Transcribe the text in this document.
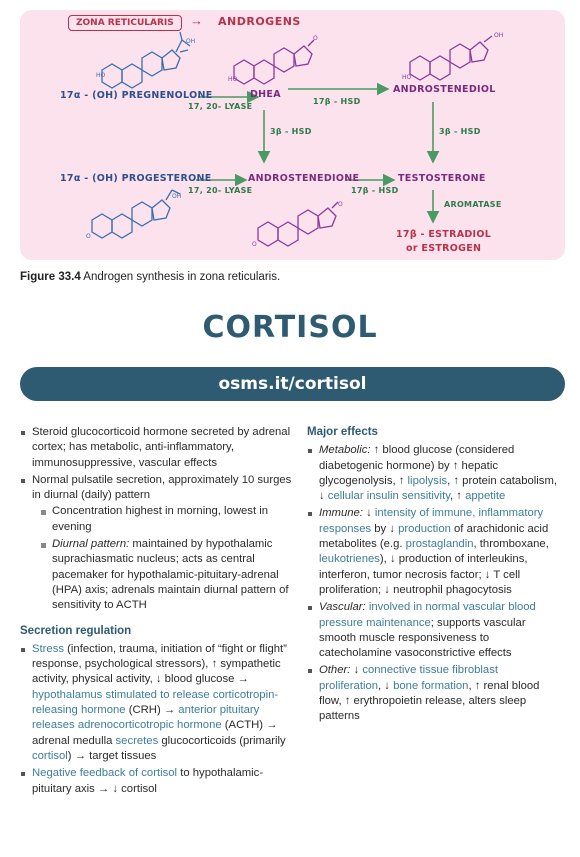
ZONA RETICULARIS	→ ANDROGENS
OH
HO
HO
O	OH
HO
OH
O
O
O
17α - (OH) PREGNENOLONE	DHEA	ANDROSTENEDIOL
17α - (OH) PROGESTERONE	ANDROSTENEDIONE	TESTOSTERONE
17β - ESTRADIOL
or ESTROGEN
17, 20- LYASE
17β - HSD
3β - HSD	3β - HSD
17, 20- LYASE	17β - HSD
AROMATASE
Figure 33.4 Androgen synthesis in zona reticularis.
CORTISOL
osms.it/cortisol
Steroid glucocorticoid hormone secreted by adrenal cortex; has metabolic, anti-inflammatory, immunosuppressive, vascular effects
Normal pulsatile secretion, approximately 10 surges in diurnal (daily) pattern
Concentration highest in morning, lowest in evening
Diurnal pattern: maintained by hypothalamic suprachiasmatic nucleus; acts as central pacemaker for hypothalamic-pituitary-adrenal (HPA) axis; adrenals maintain diurnal pattern of sensitivity to ACTH
Secretion regulation
Stress (infection, trauma, initiation of “fight or flight” response, psychological stressors), ↑ sympathetic activity, physical activity, ↓ blood glucose → hypothalamus stimulated to release corticotropin-releasing hormone (CRH) → anterior pituitary releases adrenocorticotropic hormone (ACTH) → adrenal medulla secretes glucocorticoids (primarily cortisol) → target tissues
Negative feedback of cortisol to hypothalamic-pituitary axis → ↓ cortisol
Major effects
Metabolic: ↑ blood glucose (considered diabetogenic hormone) by ↑ hepatic glycogenolysis, ↑ lipolysis, ↑ protein catabolism, ↓ cellular insulin sensitivity, ↑ appetite
Immune: ↓ intensity of immune, inflammatory responses by ↓ production of arachidonic acid metabolites (e.g. prostaglandin, thromboxane, leukotrienes), ↓ production of interleukins, interferon, tumor necrosis factor; ↓ T cell proliferation; ↓ neutrophil phagocytosis
Vascular: involved in normal vascular blood pressure maintenance; supports vascular smooth muscle responsiveness to catecholamine vasoconstrictive effects
Other: ↓ connective tissue fibroblast proliferation, ↓ bone formation, ↑ renal blood flow, ↑ erythropoietin release, alters sleep patterns
